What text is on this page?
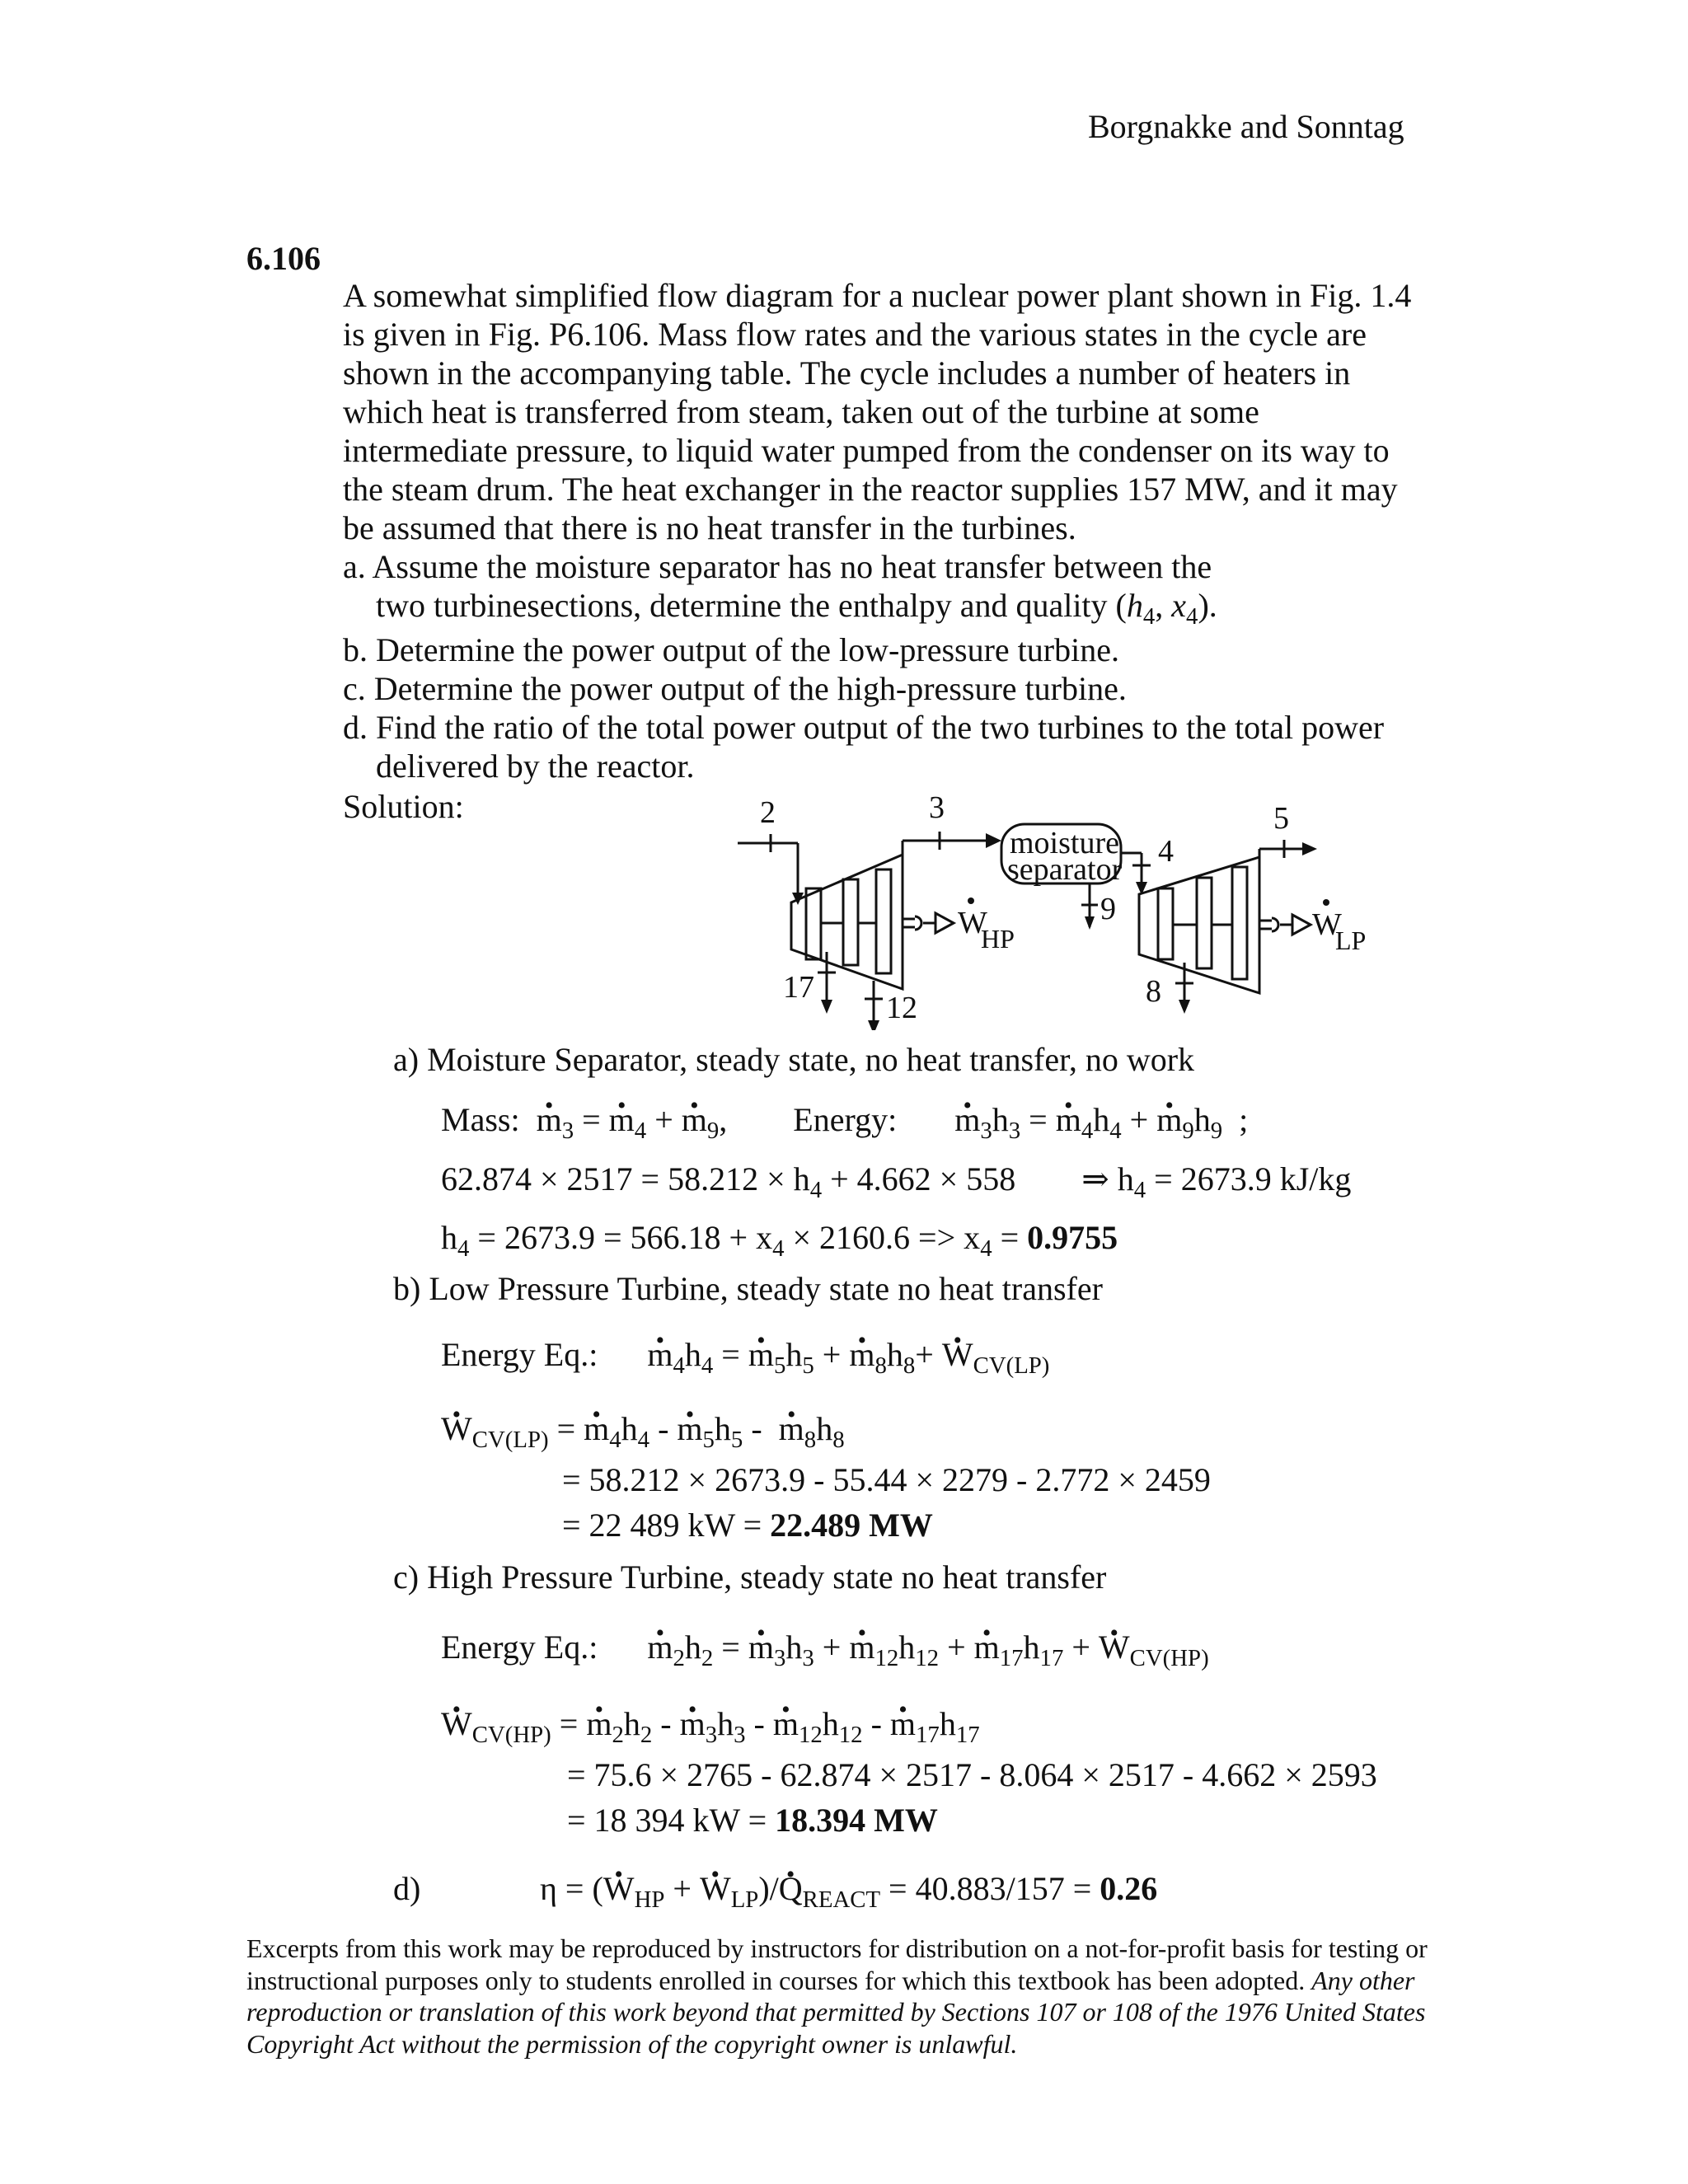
Borgnakke and Sonntag
6.106
A somewhat simplified flow diagram for a nuclear power plant shown in Fig. 1.4
is given in Fig. P6.106. Mass flow rates and the various states in the cycle are
shown in the accompanying table. The cycle includes a number of heaters in
which heat is transferred from steam, taken out of the turbine at some
intermediate pressure, to liquid water pumped from the condenser on its way to
the steam drum. The heat exchanger in the reactor supplies 157 MW, and it may
be assumed that there is no heat transfer in the turbines.
a. Assume the moisture separator has no heat transfer between the
two turbinesections, determine the enthalpy and quality ($h_4$, $x_4$).
b. Determine the power output of the low-pressure turbine.
c. Determine the power output of the high-pressure turbine.
d. Find the ratio of the total power output of the two turbines to the total power
delivered by the reactor.
Solution:	2	3
4
5
9
17
12	8
moisture
separator
W
HP	W
LP
a) Moisture Separator, steady state, no heat transfer, no work
Mass: • $m_3$ = • $m_4$ + • $m_9$,  Energy: • $m_3h_3$ = • $m_4h_4$ + • $m_9h_9$  ;
$62.874 \times 2517 = 58.212 \times h_4 + 4.662 \times 558$ ⇒ $h_4 = 2673.9$ kJ/kg
$h_4 = 2673.9 = 566.18 + x_4 \times 2160.6 => x_4 = 0.9755$
b) Low Pressure Turbine, steady state no heat transfer
Energy Eq.: • $m_4h_4$ = • $m_5h_5$ + • $m_8h_8+$ • $W_{CV(LP)}$
• $W_{CV(LP)}$ = • $m_4h_4$ - • $m_5h_5$ -  • $m_8h_8$
= 58.212 × 2673.9 - 55.44 × 2279 - 2.772 × 2459
= 22 489 kW = 22.489 MW
c) High Pressure Turbine, steady state no heat transfer
Energy Eq.: • $m_2h_2$ = • $m_3h_3$ + • $m_{12}h_{12}$ + • $m_{17}h_{17}$ + • $W_{CV(HP)}$
• $W_{CV(HP)}$ = • $m_2h_2$ - • $m_3h_3$ - • $m_{12}h_{12}$ - • $m_{17}h_{17}$
= 75.6 × 2765 - 62.874 × 2517 - 8.064 × 2517 - 4.662 × 2593
= 18 394 kW = 18.394 MW
d)	η = (• $W_{HP}$ + • $W_{LP})/•$ $Q_{REACT} = 40.883/157 = 0.26$
Excerpts from this work may be reproduced by instructors for distribution on a not-for-profit basis for testing or instructional purposes only to students enrolled in courses for which this textbook has been adopted. Any other reproduction or translation of this work beyond that permitted by Sections 107 or 108 of the 1976 United States Copyright Act without the permission of the copyright owner is unlawful.
